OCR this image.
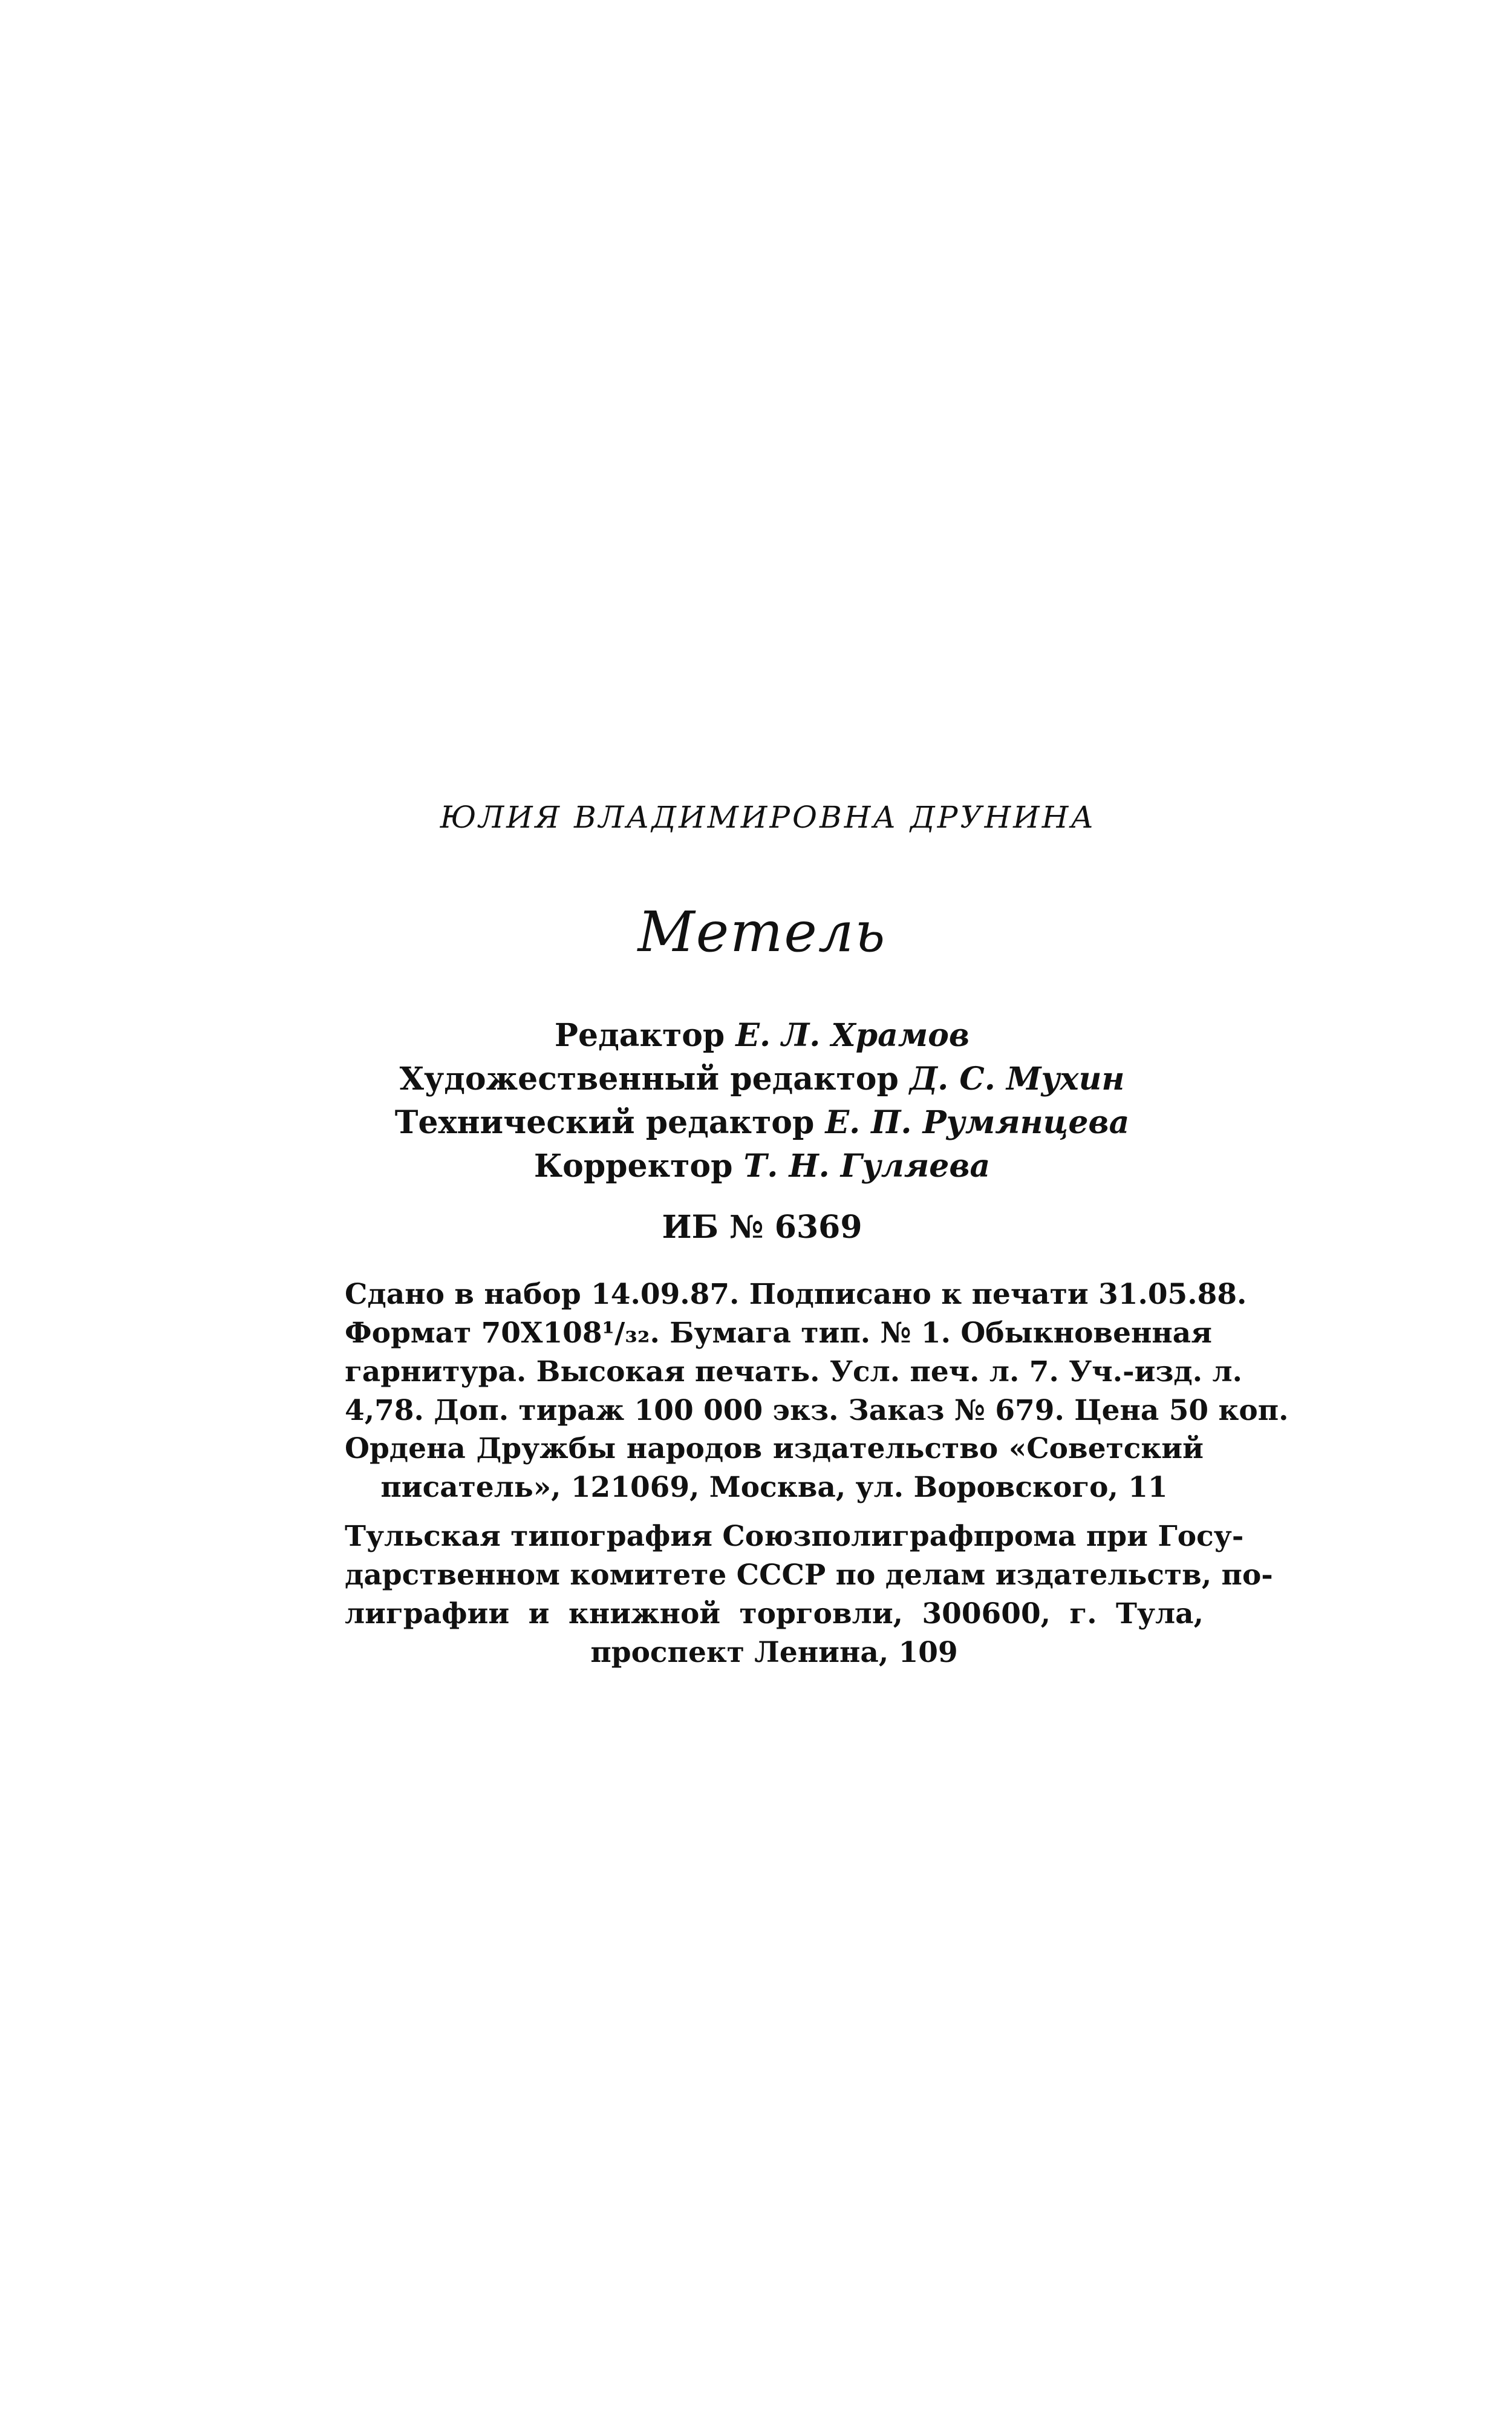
ЮЛИЯ ВЛАДИМИРОВНА ДРУНИНА
Метель
Редактор Е. Л. Храмов
Художественный редактор Д. С. Мухин
Технический редактор Е. П. Румянцева
Корректор Т. Н. Гуляева
ИБ № 6369
Сдано в набор 14.09.87. Подписано к печати 31.05.88.
Формат 70Х108¹/₃₂. Бумага тип. № 1. Обыкновенная
гарнитура. Высокая печать. Усл. печ. л. 7. Уч.-изд. л.
4,78. Доп. тираж 100 000 экз. Заказ № 679. Цена 50 коп.
Ордена Дружбы народов издательство «Советский
писатель», 121069, Москва, ул. Воровского, 11
Тульская типография Союзполиграфпрома при Госу-
дарственном комитете СССР по делам издательств, по-
лиграфии и книжной торговли, 300600, г. Тула,
проспект Ленина, 109
